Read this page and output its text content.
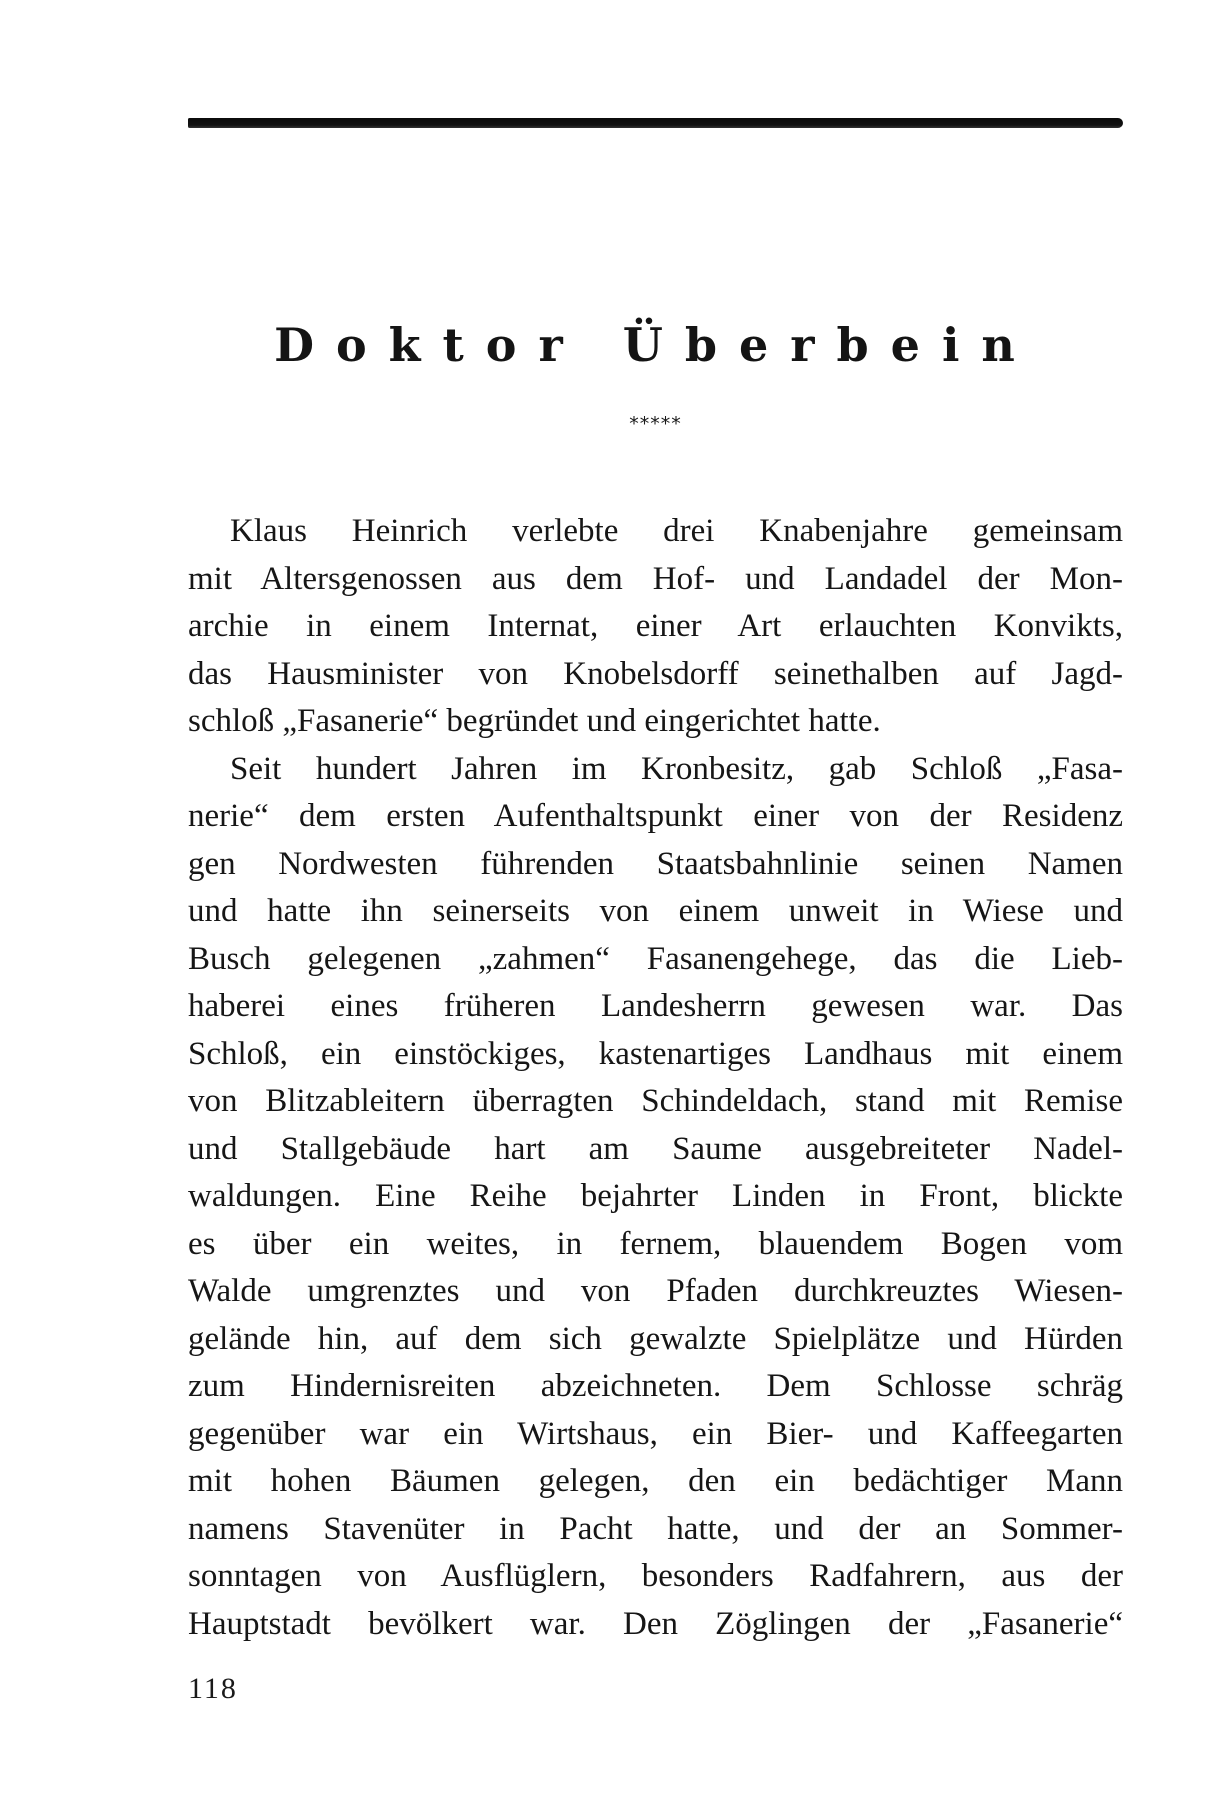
Doktor Überbein
*****
Klaus Heinrich verlebte drei Knabenjahre gemeinsam
mit Altersgenossen aus dem Hof- und Landadel der Mon-
archie in einem Internat, einer Art erlauchten Konvikts,
das Hausminister von Knobelsdorff seinethalben auf Jagd-
schloß „Fasanerie“ begründet und eingerichtet hatte.
Seit hundert Jahren im Kronbesitz, gab Schloß „Fasa-
nerie“ dem ersten Aufenthaltspunkt einer von der Residenz
gen Nordwesten führenden Staatsbahnlinie seinen Namen
und hatte ihn seinerseits von einem unweit in Wiese und
Busch gelegenen „zahmen“ Fasanengehege, das die Lieb-
haberei eines früheren Landesherrn gewesen war. Das
Schloß, ein einstöckiges, kastenartiges Landhaus mit einem
von Blitzableitern überragten Schindeldach, stand mit Remise
und Stallgebäude hart am Saume ausgebreiteter Nadel-
waldungen. Eine Reihe bejahrter Linden in Front, blickte
es über ein weites, in fernem, blauendem Bogen vom
Walde umgrenztes und von Pfaden durchkreuztes Wiesen-
gelände hin, auf dem sich gewalzte Spielplätze und Hürden
zum Hindernisreiten abzeichneten. Dem Schlosse schräg
gegenüber war ein Wirtshaus, ein Bier- und Kaffeegarten
mit hohen Bäumen gelegen, den ein bedächtiger Mann
namens Stavenüter in Pacht hatte, und der an Sommer-
sonntagen von Ausflüglern, besonders Radfahrern, aus der
Hauptstadt bevölkert war. Den Zöglingen der „Fasanerie“
118
